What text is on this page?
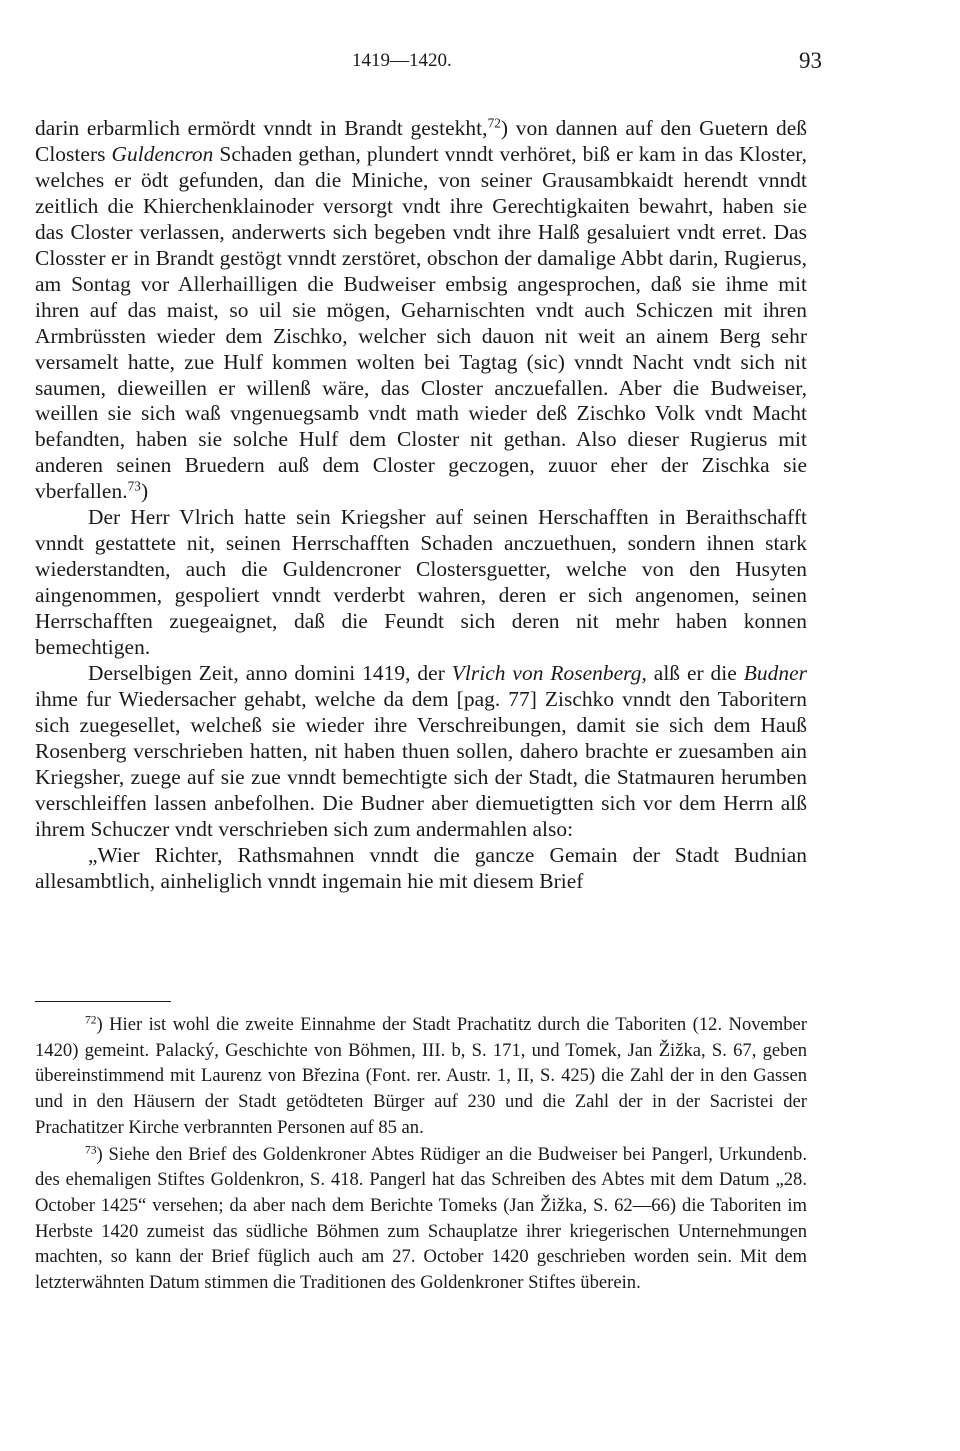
1419—1420.	93

darin erbarmlich ermördt vnndt in Brandt gestekht,$^{72}$) von dannen auf den Guetern deß Closters Guldencron Schaden gethan, plundert vnndt verhöret, biß er kam in das Kloster, welches er ödt gefunden, dan die Miniche, von seiner Grausambkaidt herendt vnndt zeitlich die Khierchenklainoder versorgt vndt ihre Gerechtigkaiten bewahrt, haben sie das Closter verlassen, anderwerts sich begeben vndt ihre Halß gesaluiert vndt erret. Das Closster er in Brandt gestögt vnndt zerstöret, obschon der damalige Abbt darin, Rugierus, am Sontag vor Allerhailligen die Budweiser embsig angesprochen, daß sie ihme mit ihren auf das maist, so uil sie mögen, Geharnischten vndt auch Schiczen mit ihren Armbrüssten wieder dem Zischko, welcher sich dauon nit weit an ainem Berg sehr versamelt hatte, zue Hulf kommen wolten bei Tagtag (sic) vnndt Nacht vndt sich nit saumen, dieweillen er willenß wäre, das Closter anczuefallen. Aber die Budweiser, weillen sie sich waß vngenuegsamb vndt math wieder deß Zischko Volk vndt Macht befandten, haben sie solche Hulf dem Closter nit gethan. Also dieser Rugierus mit anderen seinen Bruedern auß dem Closter geczogen, zuuor eher der Zischka sie vberfallen.$^{73}$)

Der Herr Vlrich hatte sein Kriegsher auf seinen Herschafften in Beraithschafft vnndt gestattete nit, seinen Herrschafften Schaden anczuethuen, sondern ihnen stark wiederstandten, auch die Guldencroner Clostersguetter, welche von den Husyten aingenommen, gespoliert vnndt verderbt wahren, deren er sich angenomen, seinen Herrschafften zuegeaignet, daß die Feundt sich deren nit mehr haben konnen bemechtigen.

Derselbigen Zeit, anno domini 1419, der Vlrich von Rosenberg, alß er die Budner ihme fur Wiedersacher gehabt, welche da dem [pag. 77] Zischko vnndt den Taboritern sich zuegesellet, welcheß sie wieder ihre Verschreibungen, damit sie sich dem Hauß Rosenberg verschrieben hatten, nit haben thuen sollen, dahero brachte er zuesamben ain Kriegsher, zuege auf sie zue vnndt bemechtigte sich der Stadt, die Statmauren herumben verschleiffen lassen anbefolhen. Die Budner aber diemuetigtten sich vor dem Herrn alß ihrem Schuczer vndt verschrieben sich zum andermahlen also:

„Wier Richter, Rathsmahnen vnndt die gancze Gemain der Stadt Budnian allesambtlich, ainheliglich vnndt ingemain hie mit diesem Brief

$^{72}$) Hier ist wohl die zweite Einnahme der Stadt Prachatitz durch die Taboriten (12. November 1420) gemeint. Palacký, Geschichte von Böhmen, III. b, S. 171, und Tomek, Jan Žižka, S. 67, geben übereinstimmend mit Laurenz von Březina (Font. rer. Austr. 1, II, S. 425) die Zahl der in den Gassen und in den Häusern der Stadt getödteten Bürger auf 230 und die Zahl der in der Sacristei der Prachatitzer Kirche verbrannten Personen auf 85 an.

$^{73}$) Siehe den Brief des Goldenkroner Abtes Rüdiger an die Budweiser bei Pangerl, Urkundenb. des ehemaligen Stiftes Goldenkron, S. 418. Pangerl hat das Schreiben des Abtes mit dem Datum „28. October 1425“ versehen; da aber nach dem Berichte Tomeks (Jan Žižka, S. 62—66) die Taboriten im Herbste 1420 zumeist das südliche Böhmen zum Schauplatze ihrer kriegerischen Unternehmungen machten, so kann der Brief füglich auch am 27. October 1420 geschrieben worden sein. Mit dem letzterwähnten Datum stimmen die Traditionen des Goldenkroner Stiftes überein.
